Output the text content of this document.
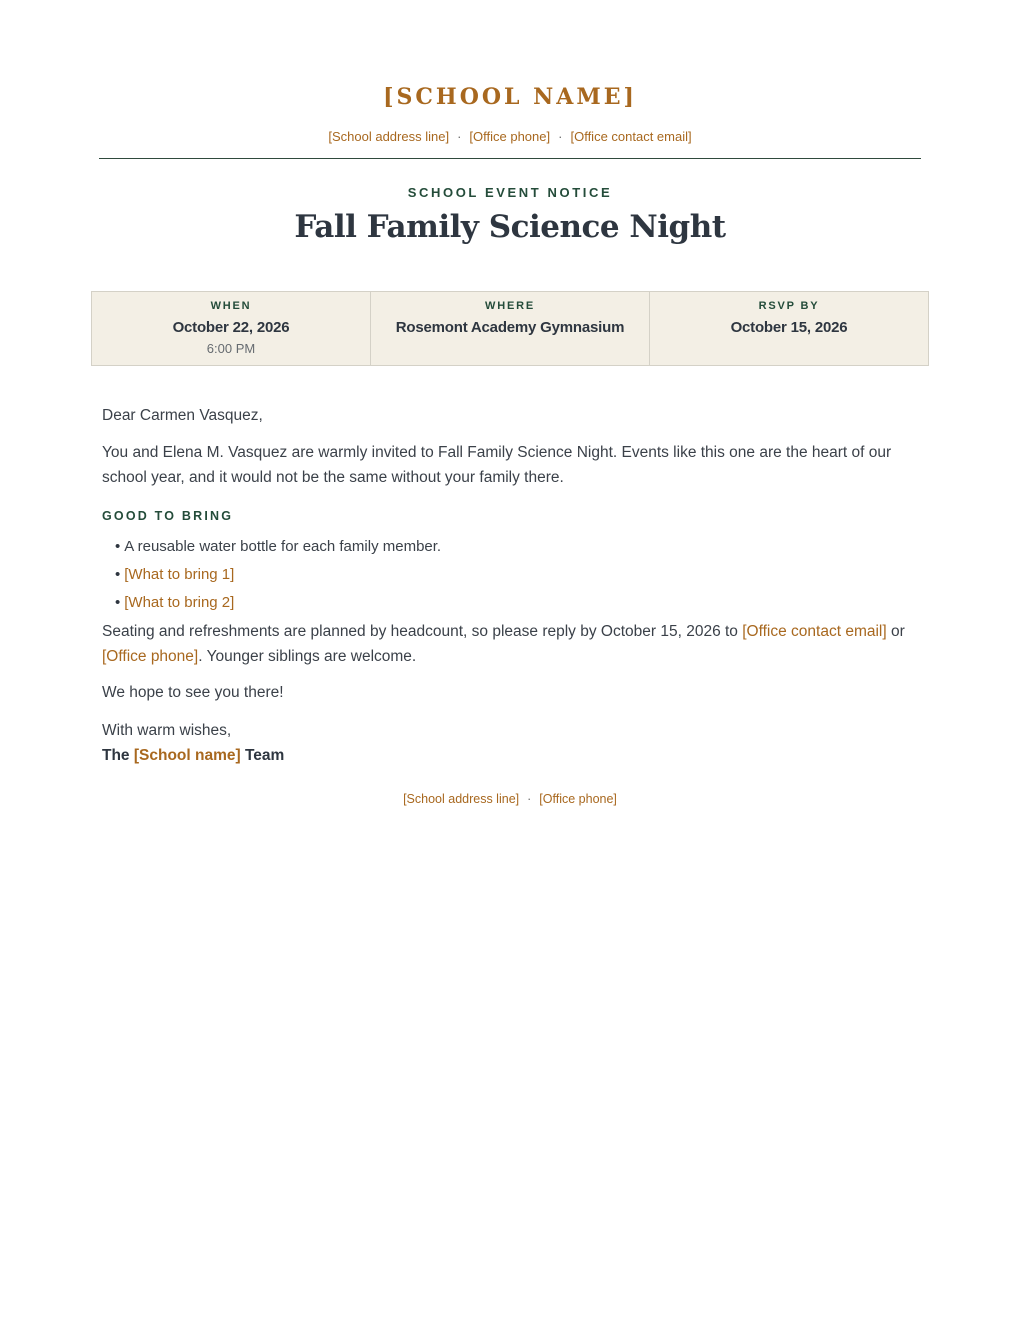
[SCHOOL NAME]
[School address line] · [Office phone] · [Office contact email]
SCHOOL EVENT NOTICE
Fall Family Science Night
WHEN
October 22, 2026
6:00 PM
WHERE
Rosemont Academy Gymnasium
RSVP BY
October 15, 2026
Dear Carmen Vasquez,
You and Elena M. Vasquez are warmly invited to Fall Family Science Night. Events like this one are the heart of our school year, and it would not be the same without your family there.
GOOD TO BRING
• A reusable water bottle for each family member.
• [What to bring 1]
• [What to bring 2]
Seating and refreshments are planned by headcount, so please reply by October 15, 2026 to [Office contact email] or [Office phone]. Younger siblings are welcome.
We hope to see you there!
With warm wishes,
The [School name] Team
[School address line] · [Office phone]
